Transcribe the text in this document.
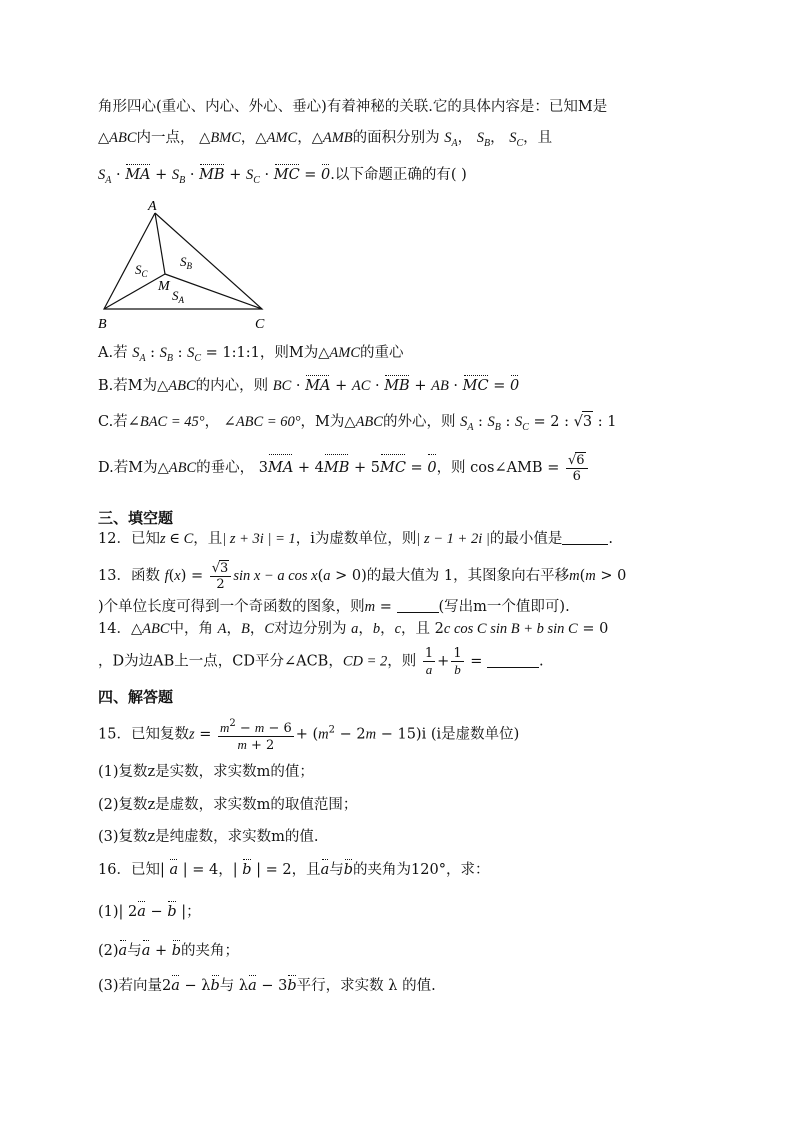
角形四心(重心、内心、外心、垂心)有着神秘的关联.它的具体内容是：已知M是
△ABC内一点， △BMC，△AMC，△AMB的面积分别为 $S_A$， $S_B$， $S_C$，且
$S_A$ · MA + $S_B$ · MB + $S_C$ · MC = 0.以下命题正确的有( )
A
B	C
M
$S_C$
$S_B$
$S_A$
A.若 $S_A$ : $S_B$ : $S_C$ = 1:1:1，则M为△AMC的重心
B.若M为△ABC的内心，则 BC · MA + AC · MB + AB · MC = 0
C.若∠BAC = 45°， ∠ABC = 60°，M为△ABC的外心，则 $S_A$ : $S_B$ : $S_C = 2$ : √3 : 1
D.若M为△ABC的垂心， 3MA + 4MB + 5MC = 0，则 cos∠AMB = $\frac{√6}{6}$
三、填空题
12．已知z ∈ C，且| z + 3i | = 1，i为虚数单位，则| z − 1 + 2i |的最小值是	.
13．函数 $f(x) = \frac{√3}{2}$ sin x − a cos x(a > 0)的最大值为 1，其图象向右平移m(m > 0
)个单位长度可得到一个奇函数的图象，则m =	(写出m一个值即可).
14．△ABC中，角 A，B，C对边分别为 a，b，c，且 2c cos C sin B + b sin C = 0
，D为边AB上一点，CD平分∠ACB，CD = 2，则 $\frac{1}{a} + \frac{1}{b}$ =	.
四、解答题
15．已知复数$z = \frac{m^2 - m - 6}{m + 2} + (m^2 - 2m - 15)i$ (i是虚数单位)
(1)复数z是实数，求实数m的值；
(2)复数z是虚数，求实数m的取值范围；
(3)复数z是纯虚数，求实数m的值.
16．已知| a | = 4，| b | = 2，且a与b的夹角为120°，求：
(1)| 2a − b |；
(2)a与a + b的夹角；
(3)若向量2a − λb与 λa − 3b平行，求实数 λ 的值.
